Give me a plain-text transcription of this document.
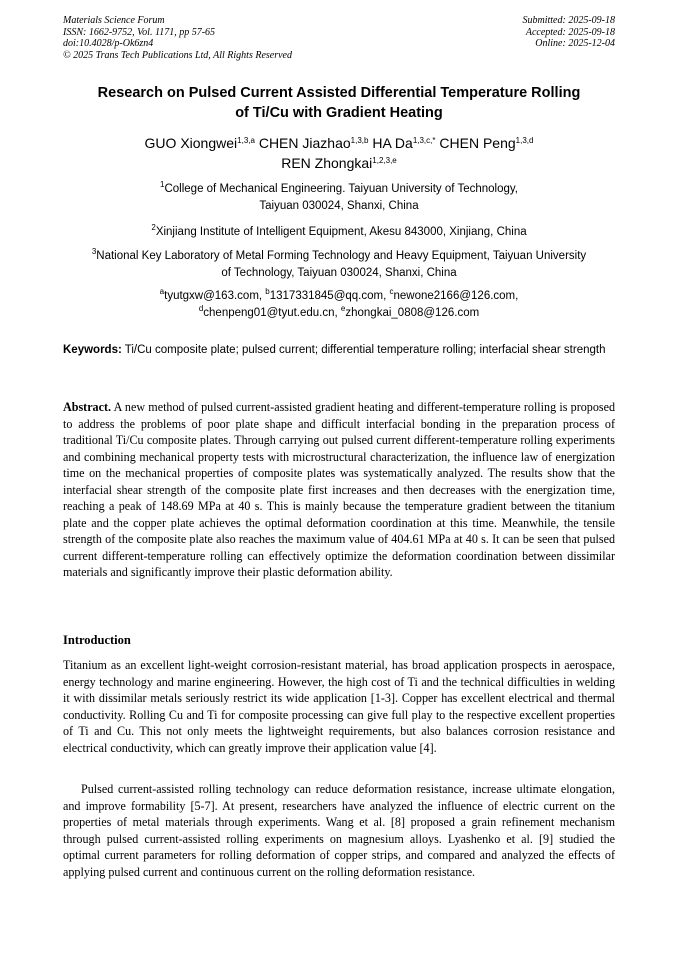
Materials Science Forum
ISSN: 1662-9752, Vol. 1171, pp 57-65
doi:10.4028/p-Ok6zn4
© 2025 Trans Tech Publications Ltd, All Rights Reserved
Submitted: 2025-09-18
Accepted: 2025-09-18
Online: 2025-12-04
Research on Pulsed Current Assisted Differential Temperature Rolling
of Ti/Cu with Gradient Heating
GUO Xiongwei$^{1,3,a}$ CHEN Jiazhao$^{1,3,b}$ HA $Da^{1,3,c,*}$ CHEN Peng$^{1,3,d}$
REN Zhongkai$^{1,2,3,e}$
$^1$College of Mechanical Engineering. Taiyuan University of Technology,
Taiyuan 030024, Shanxi, China
$^2$Xinjiang Institute of Intelligent Equipment, Akesu 843000, Xinjiang, China
$^3$National Key Laboratory of Metal Forming Technology and Heavy Equipment, Taiyuan University
of Technology, Taiyuan 030024, Shanxi, China
$^a$tyutgxw@163.com, $^b$1317331845@qq.com, $^c$newone2166@126.com,
$^d$chenpeng01@tyut.edu.cn, $^e$zhongkai_0808@126.com
Keywords: Ti/Cu composite plate; pulsed current; differential temperature rolling; interfacial shear strength
Abstract. A new method of pulsed current-assisted gradient heating and different-temperature rolling is proposed to address the problems of poor plate shape and difficult interfacial bonding in the preparation process of traditional Ti/Cu composite plates. Through carrying out pulsed current different-temperature rolling experiments and combining mechanical property tests with microstructural characterization, the influence law of energization time on the mechanical properties of composite plates was systematically analyzed. The results show that the interfacial shear strength of the composite plate first increases and then decreases with the energization time, reaching a peak of 148.69 MPa at 40 s. This is mainly because the temperature gradient between the titanium plate and the copper plate achieves the optimal deformation coordination at this time. Meanwhile, the tensile strength of the composite plate also reaches the maximum value of 404.61 MPa at 40 s. It can be seen that pulsed current different-temperature rolling can effectively optimize the deformation coordination between dissimilar materials and significantly improve their plastic deformation ability.
Introduction
Titanium as an excellent light-weight corrosion-resistant material, has broad application prospects in aerospace, energy technology and marine engineering. However, the high cost of Ti and the technical difficulties in welding it with dissimilar metals seriously restrict its wide application [1-3]. Copper has excellent electrical and thermal conductivity. Rolling Cu and Ti for composite processing can give full play to the respective excellent properties of Ti and Cu. This not only meets the lightweight requirements, but also balances corrosion resistance and electrical conductivity, which can greatly improve their application value [4].
Pulsed current-assisted rolling technology can reduce deformation resistance, increase ultimate elongation, and improve formability [5-7]. At present, researchers have analyzed the influence of electric current on the properties of metal materials through experiments. Wang et al. [8] proposed a grain refinement mechanism through pulsed current-assisted rolling experiments on magnesium alloys. Lyashenko et al. [9] studied the optimal current parameters for rolling deformation of copper strips, and compared and analyzed the effects of applying pulsed current and continuous current on the rolling deformation resistance.
